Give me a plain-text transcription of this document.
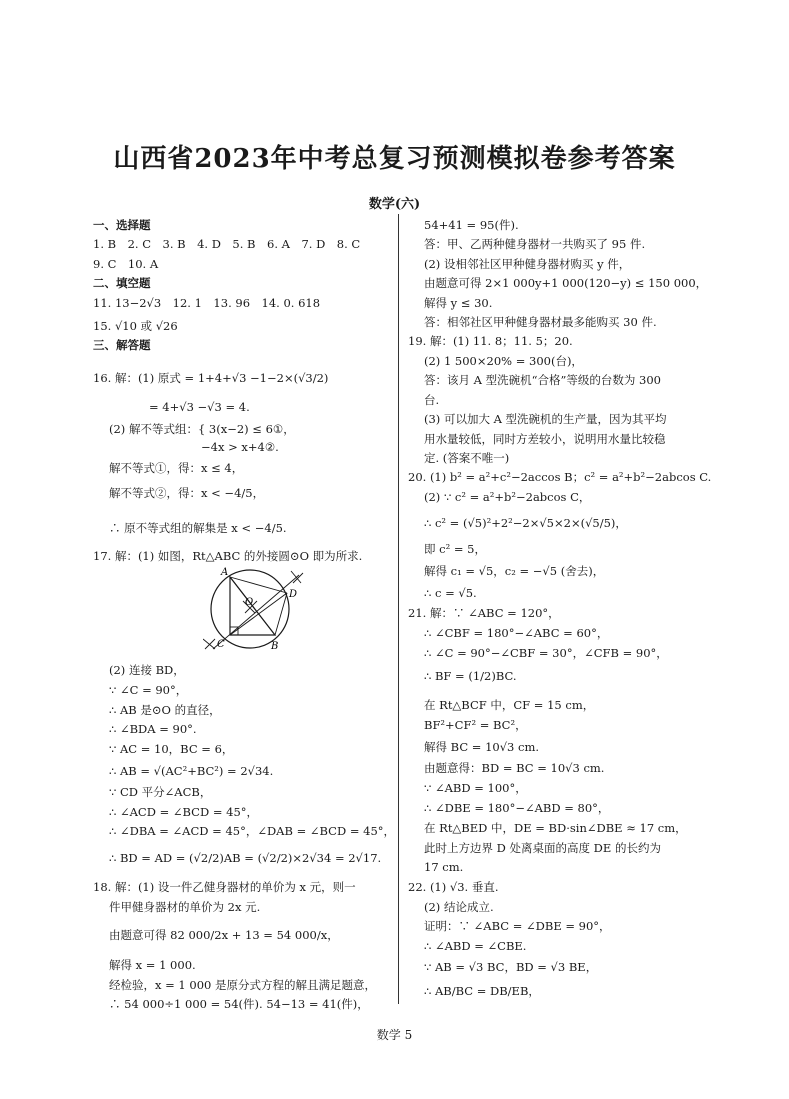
山西省2023年中考总复习预测模拟卷参考答案
数学(六)
一、选择题
1. B　2. C　3. B　4. D　5. B　6. A　7. D　8. C
9. C　10. A
二、填空题
11. 13−2√3　12. 1　13. 96　14. 0. 618
15. √10 或 √26
三、解答题
16. 解：(1) 原式 = 1+4+√3 −1−2×(√3/2)
= 4+√3 −√3 = 4.
(2) 解不等式组：{ 3(x−2) ≤ 6①，
−4x > x+4②.
解不等式①，得：x ≤ 4，
解不等式②，得：x < −4/5，
∴ 原不等式组的解集是 x < −4/5.
17. 解：(1) 如图，Rt△ABC 的外接圆⊙O 即为所求.
(2) 连接 BD，
∵ ∠C = 90°，
∴ AB 是⊙O 的直径，
∴ ∠BDA = 90°.
∵ AC = 10，BC = 6，
∴ AB = √(AC²+BC²) = 2√34.
∵ CD 平分∠ACB，
∴ ∠ACD = ∠BCD = 45°，
∴ ∠DBA = ∠ACD = 45°，∠DAB = ∠BCD = 45°，
∴ BD = AD = (√2/2)AB = (√2/2)×2√34 = 2√17.
18. 解：(1) 设一件乙健身器材的单价为 x 元，则一
件甲健身器材的单价为 2x 元.
由题意可得 82 000/2x + 13 = 54 000/x，
解得 x = 1 000.
经检验，x = 1 000 是原分式方程的解且满足题意，
∴ 54 000÷1 000 = 54(件). 54−13 = 41(件)，
A
O
D
C	B
54+41 = 95(件).
答：甲、乙两种健身器材一共购买了 95 件.
(2) 设相邻社区甲种健身器材购买 y 件，
由题意可得 2×1 000y+1 000(120−y) ≤ 150 000，
解得 y ≤ 30.
答：相邻社区甲种健身器材最多能购买 30 件.
19. 解：(1) 11. 8；11. 5；20.
(2) 1 500×20% = 300(台)，
答：该月 A 型洗碗机“合格”等级的台数为 300
台.
(3) 可以加大 A 型洗碗机的生产量，因为其平均
用水量较低，同时方差较小，说明用水量比较稳
定. (答案不唯一)
20. (1) b² = a²+c²−2accos B；c² = a²+b²−2abcos C.
(2) ∵ c² = a²+b²−2abcos C，
∴ c² = (√5)²+2²−2×√5×2×(√5/5)，
即 c² = 5，
解得 c₁ = √5，c₂ = −√5 (舍去)，
∴ c = √5.
21. 解：∵ ∠ABC = 120°，
∴ ∠CBF = 180°−∠ABC = 60°，
∴ ∠C = 90°−∠CBF = 30°，∠CFB = 90°，
∴ BF = (1/2)BC.
在 Rt△BCF 中，CF = 15 cm，
BF²+CF² = BC²，
解得 BC = 10√3 cm.
由题意得：BD = BC = 10√3 cm.
∵ ∠ABD = 100°，
∴ ∠DBE = 180°−∠ABD = 80°，
在 Rt△BED 中，DE = BD·sin∠DBE ≈ 17 cm，
此时上方边界 D 处离桌面的高度 DE 的长约为
17 cm.
22. (1) √3. 垂直.
(2) 结论成立.
证明：∵ ∠ABC = ∠DBE = 90°，
∴ ∠ABD = ∠CBE.
∵ AB = √3 BC，BD = √3 BE，
∴ AB/BC = DB/EB，
数学 5
